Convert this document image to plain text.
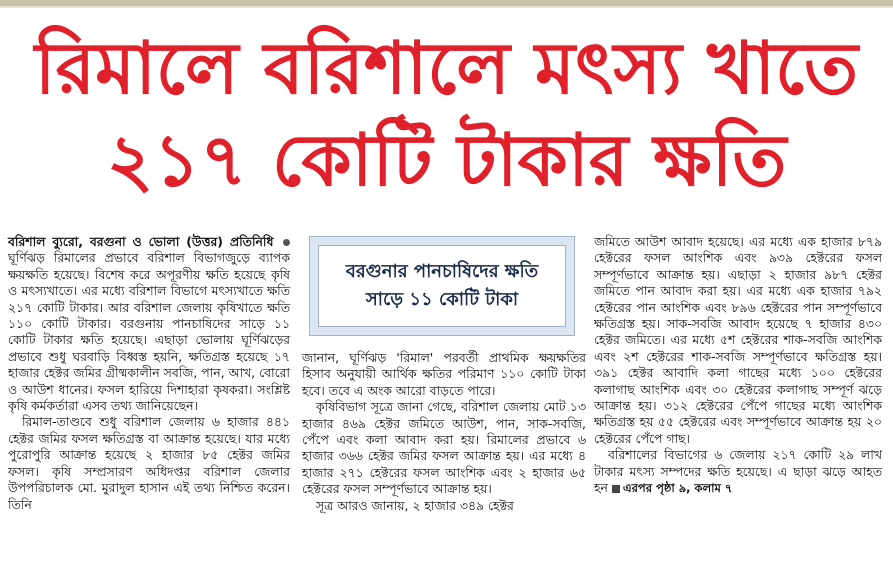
রিমালে বরিশালে মৎস্য খাতে
২১৭ কোটি টাকার ক্ষতি

বরিশাল ব্যুরো, বরগুনা ও ভোলা (উত্তর) প্রতিনিধি  ঘূর্ণিঝড় রিমালের প্রভাবে বরিশাল বিভাগজুড়ে ব্যাপক ক্ষয়ক্ষতি হয়েছে। বিশেষ করে অপূরণীয় ক্ষতি হয়েছে কৃষি ও মৎস্যখাতে। এর মধ্যে বরিশাল বিভাগে মৎস্যখাতে ক্ষতি ২১৭ কোটি টাকার। আর বরিশাল জেলায় কৃষিখাতে ক্ষতি ১১০ কোটি টাকার। বরগুনায় পানচাষিদের সাড়ে ১১ কোটি টাকার ক্ষতি হয়েছে। এছাড়া ভোলায় ঘূর্ণিঝড়ের প্রভাবে শুধু ঘরবাড়ি বিধ্বস্ত হয়নি, ক্ষতিগ্রস্ত হয়েছে ১৭ হাজার হেক্টর জমির গ্রীষ্মকালীন সবজি, পান, আখ, বোরো ও আউশ ধানের। ফসল হারিয়ে দিশাহারা কৃষকরা। সংশ্লিষ্ট কৃষি কর্মকর্তারা এসব তথ্য জানিয়েছেন।

রিমাল-তাণ্ডবে শুধু বরিশাল জেলায় ৬ হাজার ৪৪১ হেক্টর জমির ফসল ক্ষতিগ্রস্ত বা আক্রান্ত হয়েছে। যার মধ্যে পুরোপুরি আক্রান্ত হয়েছে ২ হাজার ৮৫ হেক্টর জমির ফসল। কৃষি সম্প্রসারণ অধিদপ্তর বরিশাল জেলার উপপরিচালক মো. মুরাদুল হাসান এই তথ্য নিশ্চিত করেন। তিনি

বরগুনার পানচাষিদের ক্ষতি
সাড়ে ১১ কোটি টাকা

জানান, ঘূর্ণিঝড় 'রিমাল' পরবর্তী প্রাথমিক ক্ষয়ক্ষতির হিসাব অনুযায়ী আর্থিক ক্ষতির পরিমাণ ১১০ কোটি টাকা হবে। তবে এ অংক আরো বাড়তে পারে।

কৃষিবিভাগ সূত্রে জানা গেছে, বরিশাল জেলায় মোট ১৩ হাজার ৪৬৯ হেক্টর জমিতে আউশ, পান, সাক-সবজি, পেঁপে এবং কলা আবাদ করা হয়। রিমালের প্রভাবে ৬ হাজার ৩৬৬ হেক্টর জমির ফসল আক্রান্ত হয়। এর মধ্যে ৪ হাজার ২৭১ হেক্টরের ফসল আংশিক এবং ২ হাজার ৬৫ হেক্টরের ফসল সম্পূর্ণভাবে আক্রান্ত হয়।

সূত্র আরও জানায়, ২ হাজার ৩৪৯ হেক্টর

জমিতে আউশ আবাদ হয়েছে। এর মধ্যে এক হাজার ৮৭৯ হেক্টরের ফসল আংশিক এবং ৯৩৯ হেক্টরের ফসল সম্পূর্ণভাবে আক্রান্ত হয়। এছাড়া ২ হাজার ৯৮৭ হেক্টর জমিতে পান আবাদ করা হয়। এর মধ্যে এক হাজার ৭৯২ হেক্টরের পান আংশিক এবং ৮৯৬ হেক্টরের পান সম্পূর্ণভাবে ক্ষতিগ্রস্ত হয়। সাক-সবজি আবাদ হয়েছে ৭ হাজার ৪৩০ হেক্টর জমিতে। এর মধ্যে ৫শ হেক্টরের শাক-সবজি আংশিক এবং ২শ হেক্টরের শাক-সবজি সম্পূর্ণভাবে ক্ষতিগ্রস্ত হয়। ৩৯১ হেক্টর আবাদি কলা গাছের মধ্যে ১০০ হেক্টরের কলাগাছ আংশিক এবং ৩০ হেক্টরের কলাগাছ সম্পূর্ণ ঝড়ে আক্রান্ত হয়। ৩১২ হেক্টরের পেঁপে গাছের মধ্যে আংশিক ক্ষতিগ্রস্ত হয় ৫৫ হেক্টরের এবং সম্পূর্ণভাবে আক্রান্ত হয় ২০ হেক্টরের পেঁপে গাছ।

বরিশালের বিভাগের ৬ জেলায় ২১৭ কোটি ২৯ লাখ টাকার মৎস্য সম্পদের ক্ষতি হয়েছে। এ ছাড়া ঝড়ে আহত হন এরপর পৃষ্ঠা ৯, কলাম ৭
